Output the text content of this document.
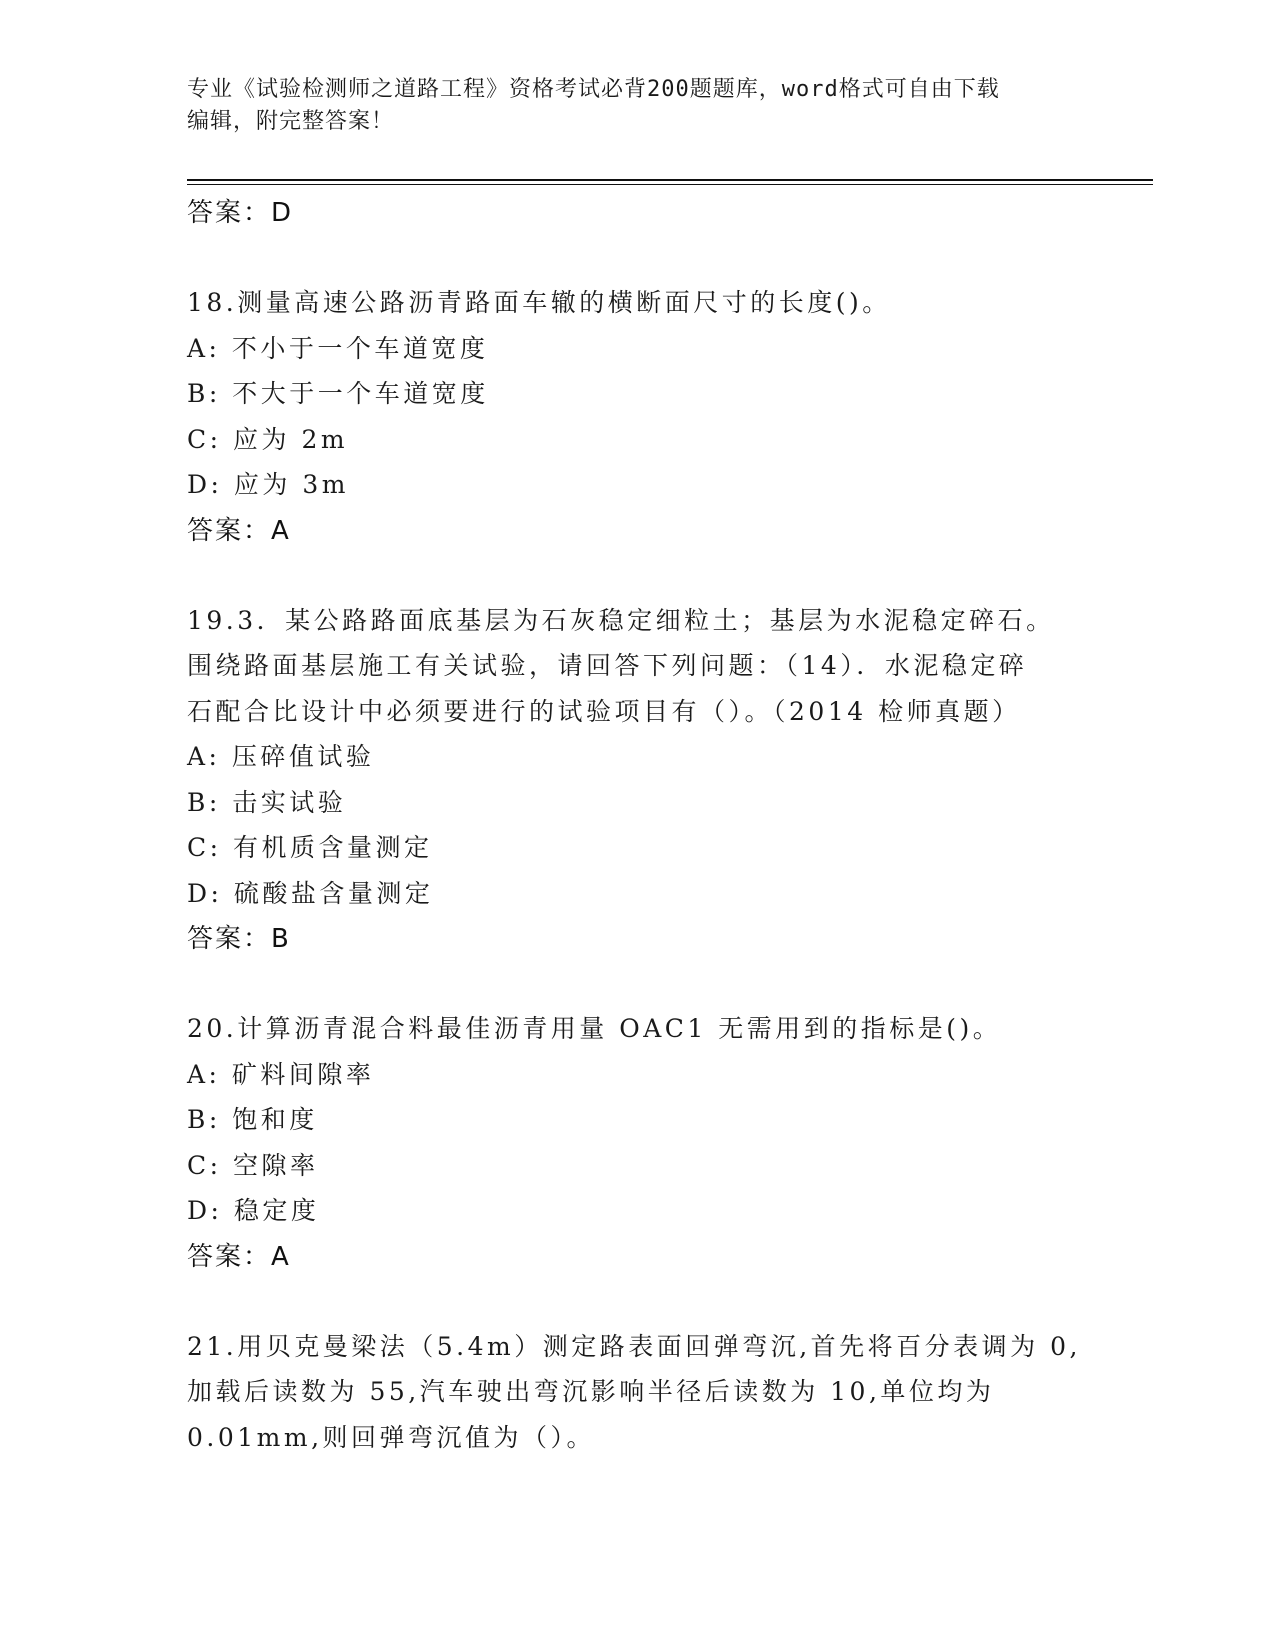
专业《试验检测师之道路工程》资格考试必背200题题库，word格式可自由下载
编辑，附完整答案！
答案：D
18.测量高速公路沥青路面车辙的横断面尺寸的长度()。
A: 不小于一个车道宽度
B: 不大于一个车道宽度
C: 应为 2m
D: 应为 3m
答案：A
19.3．某公路路面底基层为石灰稳定细粒土；基层为水泥稳定碎石。
围绕路面基层施工有关试验，请回答下列问题：（14）．水泥稳定碎
石配合比设计中必须要进行的试验项目有（）。（2014 检师真题）
A: 压碎值试验
B: 击实试验
C: 有机质含量测定
D: 硫酸盐含量测定
答案：B
20.计算沥青混合料最佳沥青用量 OAC1 无需用到的指标是()。
A: 矿料间隙率
B: 饱和度
C: 空隙率
D: 稳定度
答案：A
21.用贝克曼梁法（5.4m）测定路表面回弹弯沉,首先将百分表调为 0,
加载后读数为 55,汽车驶出弯沉影响半径后读数为 10,单位均为
0.01mm,则回弹弯沉值为（）。
